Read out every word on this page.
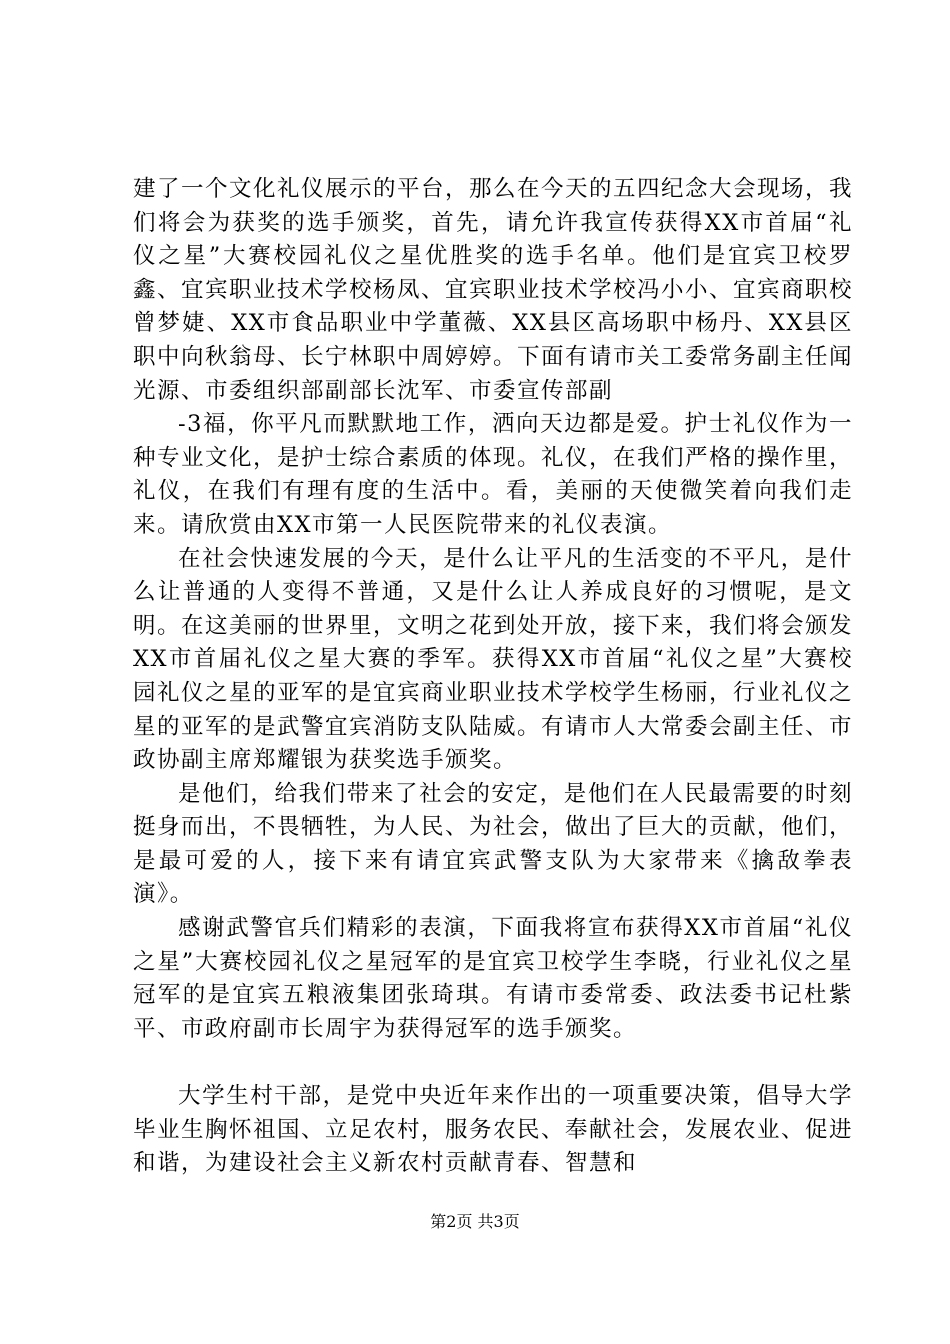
建了一个文化礼仪展示的平台，那么在今天的五四纪念大会现场，我们将会为获奖的选手颁奖，首先，请允许我宣传获得XX市首届“礼仪之星”大赛校园礼仪之星优胜奖的选手名单。他们是宜宾卫校罗鑫、宜宾职业技术学校杨凤、宜宾职业技术学校冯小小、宜宾商职校曾梦婕、XX市食品职业中学董薇、XX县区高场职中杨丹、XX县区职中向秋翁母、长宁林职中周婷婷。下面有请市关工委常务副主任闻光源、市委组织部副部长沈军、市委宣传部副

-3福，你平凡而默默地工作，洒向天边都是爱。护士礼仪作为一种专业文化，是护士综合素质的体现。礼仪，在我们严格的操作里，礼仪，在我们有理有度的生活中。看，美丽的天使微笑着向我们走来。请欣赏由XX市第一人民医院带来的礼仪表演。

在社会快速发展的今天，是什么让平凡的生活变的不平凡，是什么让普通的人变得不普通，又是什么让人养成良好的习惯呢，是文明。在这美丽的世界里，文明之花到处开放，接下来，我们将会颁发XX市首届礼仪之星大赛的季军。获得XX市首届“礼仪之星”大赛校园礼仪之星的亚军的是宜宾商业职业技术学校学生杨丽，行业礼仪之星的亚军的是武警宜宾消防支队陆威。有请市人大常委会副主任、市政协副主席郑耀银为获奖选手颁奖。

是他们，给我们带来了社会的安定，是他们在人民最需要的时刻挺身而出，不畏牺牲，为人民、为社会，做出了巨大的贡献，他们，是最可爱的人，接下来有请宜宾武警支队为大家带来《擒敌拳表演》。

感谢武警官兵们精彩的表演，下面我将宣布获得XX市首届“礼仪之星”大赛校园礼仪之星冠军的是宜宾卫校学生李晓，行业礼仪之星冠军的是宜宾五粮液集团张琦琪。有请市委常委、政法委书记杜紫平、市政府副市长周宇为获得冠军的选手颁奖。

大学生村干部，是党中央近年来作出的一项重要决策，倡导大学毕业生胸怀祖国、立足农村，服务农民、奉献社会，发展农业、促进和谐，为建设社会主义新农村贡献青春、智慧和

第2页 共3页
